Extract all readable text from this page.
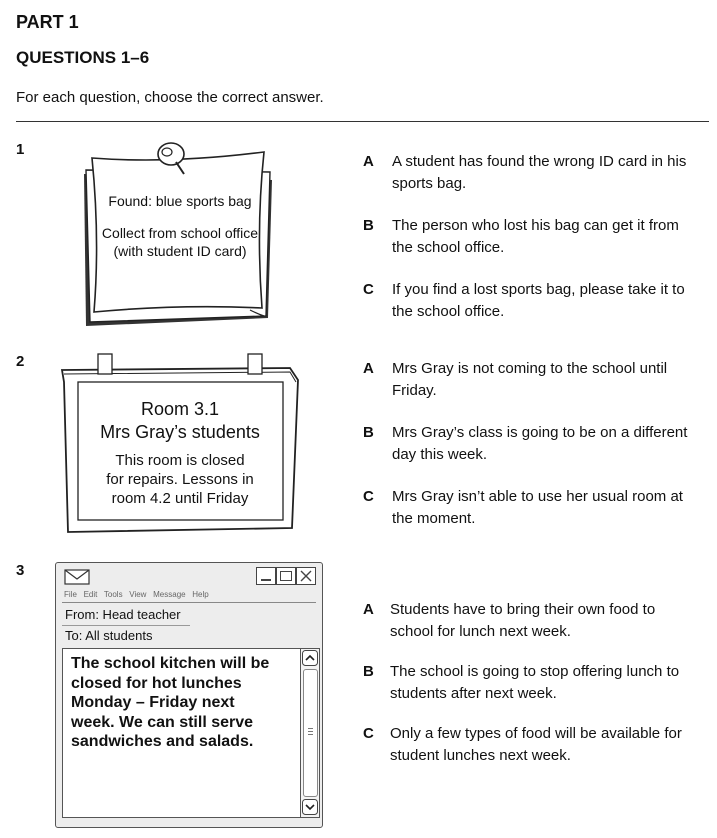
PART 1
QUESTIONS 1–6
For each question, choose the correct answer.
1
Found: blue sports bag
Collect from school office
(with student ID card)
A A student has found the wrong ID card in his sports bag.
B The person who lost his bag can get it from the school office.
C If you find a lost sports bag, please take it to the school office.
2
Room 3.1
Mrs Gray’s students
This room is closed
for repairs. Lessons in
room 4.2 until Friday
A Mrs Gray is not coming to the school until Friday.
B Mrs Gray’s class is going to be on a different day this week.
C Mrs Gray isn’t able to use her usual room at the moment.
3
File Edit Tools View Message Help
From: Head teacher
To: All students
The school kitchen will be
closed for hot lunches
Monday – Friday next
week. We can still serve
sandwiches and salads.
A Students have to bring their own food to school for lunch next week.
B The school is going to stop offering lunch to students after next week.
C Only a few types of food will be available for student lunches next week.
